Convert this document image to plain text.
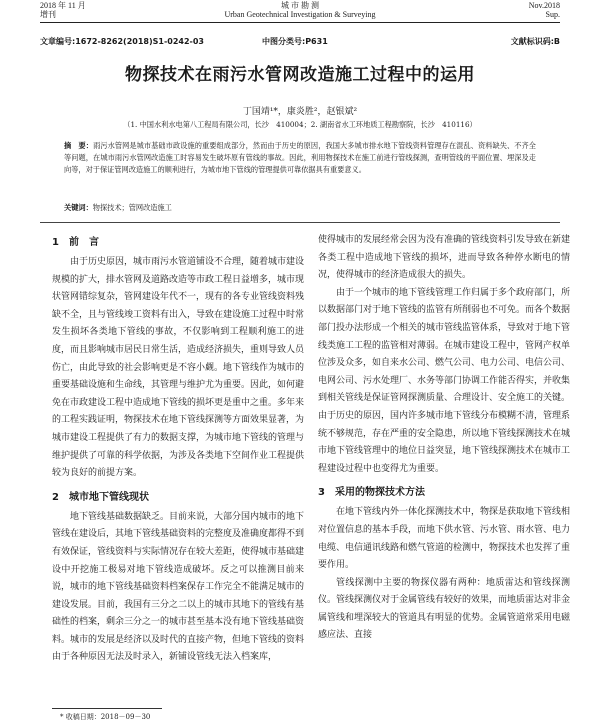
2018 年 11 月
增刊
城 市 勘 测
Urban Geotechnical Investigation & Surveying
Nov.2018
Sup.
文章编号:1672-8262(2018)S1-0242-03	中图分类号:P631	文献标识码:B
物探技术在雨污水管网改造施工过程中的运用
丁国靖¹*，康炎胜²，赵银斌²
（1. 中国水利水电第八工程局有限公司，长沙　410004；2. 湖南省水工环地质工程勘察院，长沙　410116）
摘　要：雨污水管网是城市基础市政设施的重要组成部分，然而由于历史的原因，我国大多城市排水地下管线资料管理存在混乱、资料缺失、不齐全等问题，在城市雨污水管网改造施工时容易发生破坏原有管线的事故。因此，利用物探技术在施工前进行管线探测，查明管线的平面位置、埋深及走向等，对于保证管网改造施工的顺利进行，为城市地下管线的管理提供可靠依据具有重要意义。
关键词：物探技术；管网改造施工
1　前　言

由于历史原因，城市雨污水管道铺设不合理，随着城市建设规模的扩大，排水管网及道路改造等市政工程日益增多，城市现状管网错综复杂，管网建设年代不一，现有的各专业管线资料残缺不全，且与管线竣工资料有出入，导致在建设施工过程中时常发生损坏各类地下管线的事故，不仅影响到工程顺利施工的进度，而且影响城市居民日常生活，造成经济损失，重则导致人员伤亡，由此导致的社会影响更是不容小觑。地下管线作为城市的重要基础设施和生命线，其管理与维护尤为重要。因此，如何避免在市政建设工程中造成地下管线的损坏更是重中之重。多年来的工程实践证明，物探技术在地下管线探测等方面效果显著，为城市建设工程提供了有力的数据支撑，为城市地下管线的管理与维护提供了可靠的科学依据，为涉及各类地下空间作业工程提供较为良好的前提方案。

2　城市地下管线现状

地下管线基础数据缺乏。目前来说，大部分国内城市的地下管线在建设后，其地下管线基础资料的完整度及准确度都得不到有效保证，管线资料与实际情况存在较大差距，使得城市基础建设中开挖施工极易对地下管线造成破坏。反之可以推测目前来说，城市的地下管线基础资料档案保存工作完全不能满足城市的建设发展。目前，我国有三分之二以上的城市其地下的管线有基础性的档案，剩余三分之一的城市甚至基本没有地下管线基础资料。城市的发展是经济以及时代的直接产物，但地下管线的资料由于各种原因无法及时录入，新铺设管线无法入档案库，

使得城市的发展经常会因为没有准确的管线资料引发导致在新建各类工程中造成地下管线的损坏，进而导致各种停水断电的情况，使得城市的经济造成很大的损失。

由于一个城市的地下管线管理工作归属于多个政府部门，所以数据部门对于地下管线的监管有所削弱也不可免。而各个数据部门投办法形成一个相关的城市管线监管体系，导致对于地下管线类施工工程的监管相对薄弱。在城市建设工程中，管网产权单位涉及众多，如自来水公司、燃气公司、电力公司、电信公司、电网公司、污水处理厂、水务等部门协调工作能否得实，并收集到相关管线是保证管网探测质量、合理设计、安全施工的关键。由于历史的原因，国内许多城市地下管线分布模糊不清，管理系统不够规范，存在严重的安全隐患，所以地下管线探测技术在城市地下管线管理中的地位日益突显，地下管线探测技术在城市工程建设过程中也变得尤为重要。

3　采用的物探技术方法

在地下管线内外一体化探测技术中，物探是获取地下管线相对位置信息的基本手段，而地下供水管、污水管、雨水管、电力电缆、电信通讯线路和燃气管道的检测中，物探技术也发挥了重要作用。

管线探测中主要的物探仪器有两种：地质雷达和管线探测仪。管线探测仪对于金属管线有较好的效果，而地质雷达对非金属管线和埋深较大的管道具有明显的优势。金属管道常采用电磁感应法、直接

* 收稿日期：2018－09－30
